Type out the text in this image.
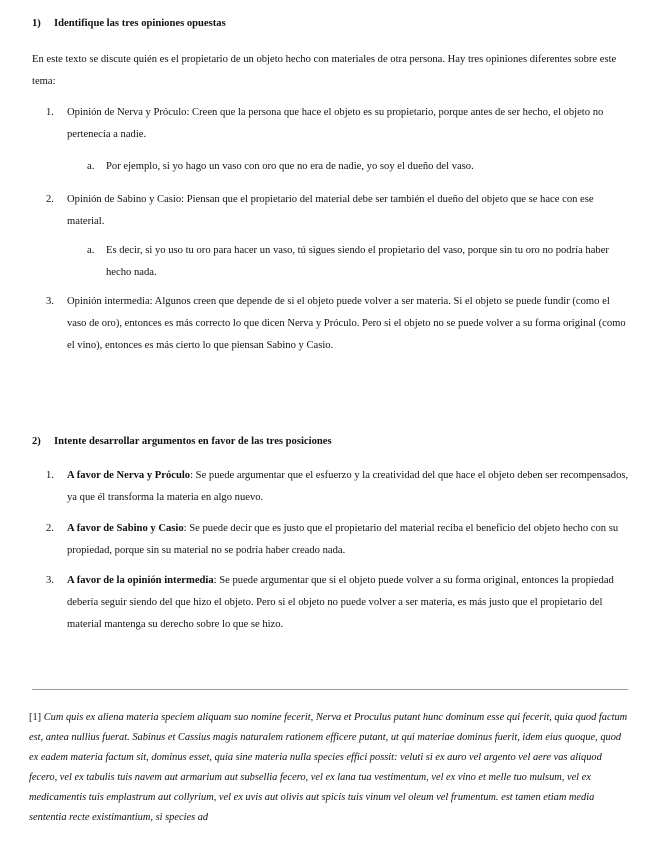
1) Identifique las tres opiniones opuestas
En este texto se discute quién es el propietario de un objeto hecho con materiales de otra persona. Hay tres opiniones diferentes sobre este tema:
1. Opinión de Nerva y Próculo: Creen que la persona que hace el objeto es su propietario, porque antes de ser hecho, el objeto no pertenecía a nadie.
a. Por ejemplo, si yo hago un vaso con oro que no era de nadie, yo soy el dueño del vaso.
2. Opinión de Sabino y Casio: Piensan que el propietario del material debe ser también el dueño del objeto que se hace con ese material.
a. Es decir, si yo uso tu oro para hacer un vaso, tú sigues siendo el propietario del vaso, porque sin tu oro no podría haber hecho nada.
3. Opinión intermedia: Algunos creen que depende de si el objeto puede volver a ser materia. Si el objeto se puede fundir (como el vaso de oro), entonces es más correcto lo que dicen Nerva y Próculo. Pero si el objeto no se puede volver a su forma original (como el vino), entonces es más cierto lo que piensan Sabino y Casio.
2) Intente desarrollar argumentos en favor de las tres posiciones
1. A favor de Nerva y Próculo: Se puede argumentar que el esfuerzo y la creatividad del que hace el objeto deben ser recompensados, ya que él transforma la materia en algo nuevo.
2. A favor de Sabino y Casio: Se puede decir que es justo que el propietario del material reciba el beneficio del objeto hecho con su propiedad, porque sin su material no se podría haber creado nada.
3. A favor de la opinión intermedia: Se puede argumentar que si el objeto puede volver a su forma original, entonces la propiedad debería seguir siendo del que hizo el objeto. Pero si el objeto no puede volver a ser materia, es más justo que el propietario del material mantenga su derecho sobre lo que se hizo.
[1] Cum quis ex aliena materia speciem aliquam suo nomine fecerit, Nerva et Proculus putant hunc dominum esse qui fecerit, quia quod factum est, antea nullius fuerat. Sabinus et Cassius magis naturalem rationem efficere putant, ut qui materiae dominus fuerit, idem eius quoque, quod ex eadem materia factum sit, dominus esset, quia sine materia nulla species effici possit: veluti si ex auro vel argento vel aere vas aliquod fecero, vel ex tabulis tuis navem aut armarium aut subsellia fecero, vel ex lana tua vestimentum, vel ex vino et melle tuo mulsum, vel ex medicamentis tuis emplastrum aut collyrium, vel ex uvis aut olivis aut spicis tuis vinum vel oleum vel frumentum. est tamen etiam media sententia recte existimantium, si species ad
